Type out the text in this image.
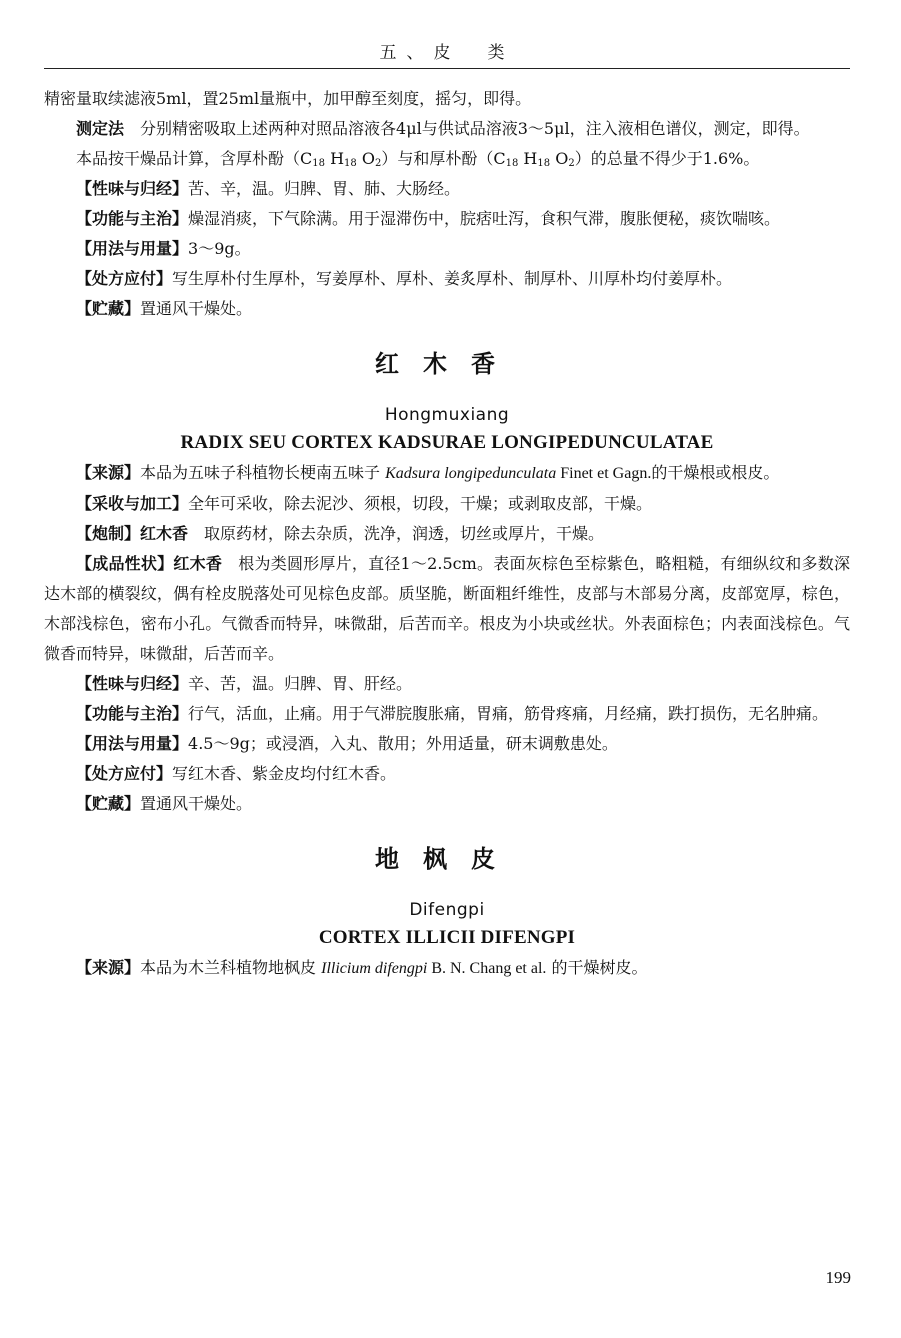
五、皮　类

精密量取续滤液5ml，置25ml量瓶中，加甲醇至刻度，摇匀，即得。

测定法　分别精密吸取上述两种对照品溶液各4μl与供试品溶液3～5μl，注入液相色谱仪，测定，即得。

本品按干燥品计算，含厚朴酚（$C_{18}$ $H_{18}$ $O_2$）与和厚朴酚（$C_{18}$ $H_{18}$ $O_2$）的总量不得少于1.6%。

【性味与归经】苦、辛，温。归脾、胃、肺、大肠经。

【功能与主治】燥湿消痰，下气除满。用于湿滞伤中，脘痞吐泻，食积气滞，腹胀便秘，痰饮喘咳。

【用法与用量】3～9g。

【处方应付】写生厚朴付生厚朴，写姜厚朴、厚朴、姜炙厚朴、制厚朴、川厚朴均付姜厚朴。

【贮藏】置通风干燥处。

红木香
Hongmuxiang
RADIX SEU CORTEX KADSURAE LONGIPEDUNCULATAE

【来源】本品为五味子科植物长梗南五味子 Kadsura longipedunculata Finet et Gagn.的干燥根或根皮。

【采收与加工】全年可采收，除去泥沙、须根，切段，干燥；或剥取皮部，干燥。

【炮制】红木香　取原药材，除去杂质，洗净，润透，切丝或厚片，干燥。

【成品性状】红木香　根为类圆形厚片，直径1～2.5cm。表面灰棕色至棕紫色，略粗糙，有细纵纹和多数深达木部的横裂纹，偶有栓皮脱落处可见棕色皮部。质坚脆，断面粗纤维性，皮部与木部易分离，皮部宽厚，棕色，木部浅棕色，密布小孔。气微香而特异，味微甜，后苦而辛。根皮为小块或丝状。外表面棕色；内表面浅棕色。气微香而特异，味微甜，后苦而辛。

【性味与归经】辛、苦，温。归脾、胃、肝经。

【功能与主治】行气，活血，止痛。用于气滞脘腹胀痛，胃痛，筋骨疼痛，月经痛，跌打损伤，无名肿痛。

【用法与用量】4.5～9g；或浸酒，入丸、散用；外用适量，研末调敷患处。

【处方应付】写红木香、紫金皮均付红木香。

【贮藏】置通风干燥处。

地枫皮
Difengpi
CORTEX ILLICII DIFENGPI

【来源】本品为木兰科植物地枫皮 Illicium difengpi B. N. Chang et al. 的干燥树皮。

199
